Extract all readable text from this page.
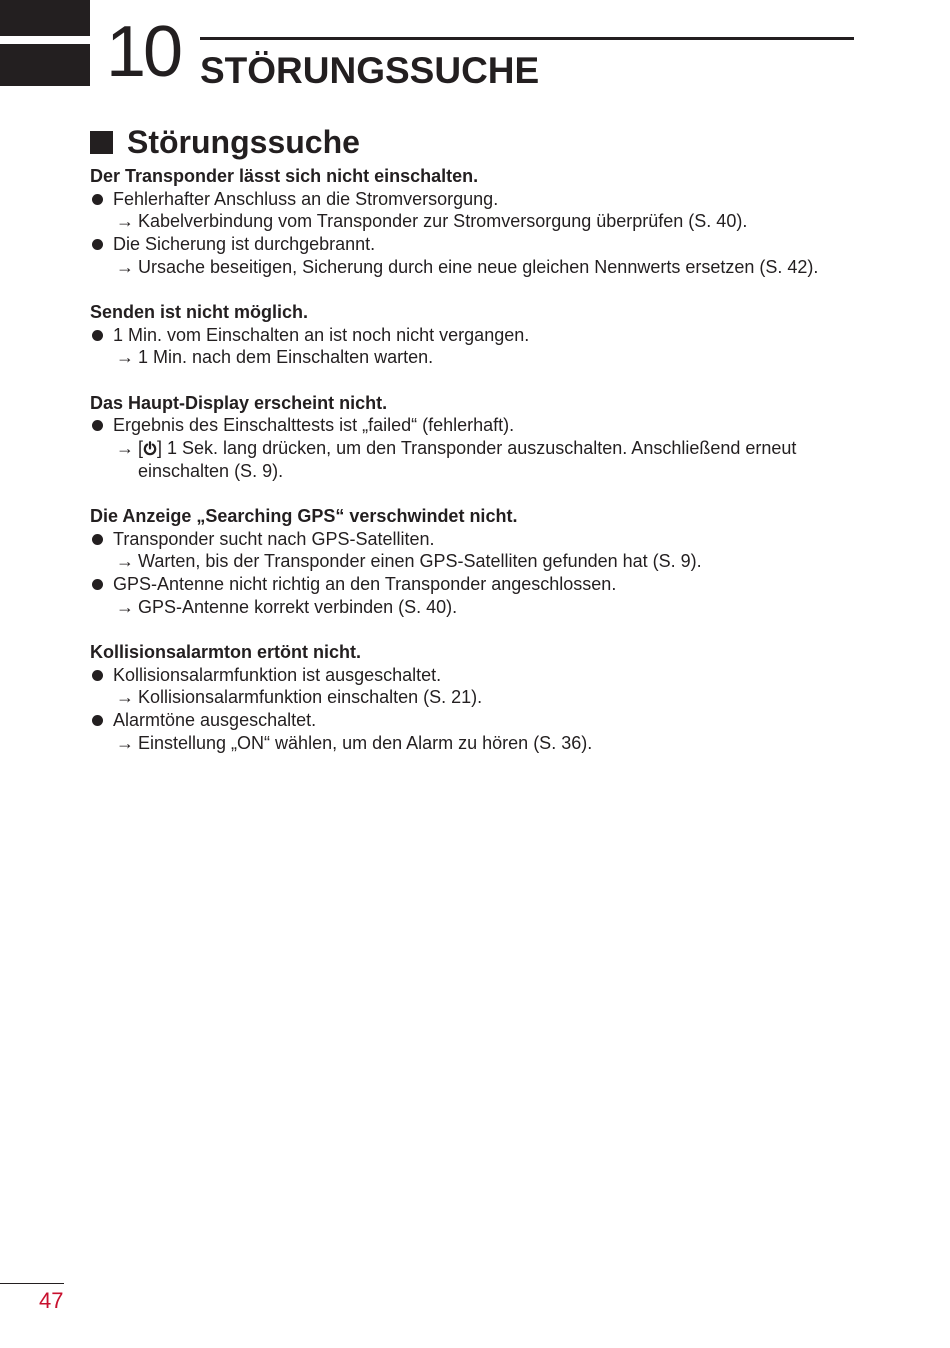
10 STÖRUNGSSUCHE
Störungssuche
Der Transponder lässt sich nicht einschalten.
Fehlerhafter Anschluss an die Stromversorgung.
→ Kabelverbindung vom Transponder zur Stromversorgung überprüfen (S. 40).
Die Sicherung ist durchgebrannt.
→ Ursache beseitigen, Sicherung durch eine neue gleichen Nennwerts ersetzen (S. 42).
Senden ist nicht möglich.
1 Min. vom Einschalten an ist noch nicht vergangen.
→ 1 Min. nach dem Einschalten warten.
Das Haupt-Display erscheint nicht.
Ergebnis des Einschalttests ist „failed“ (fehlerhaft).
→ [ ] 1 Sek. lang drücken, um den Transponder auszuschalten. Anschließend erneut einschalten (S. 9).
Die Anzeige „Searching GPS“ verschwindet nicht.
Transponder sucht nach GPS-Satelliten.
→ Warten, bis der Transponder einen GPS-Satelliten gefunden hat (S. 9).
GPS-Antenne nicht richtig an den Transponder angeschlossen.
→ GPS-Antenne korrekt verbinden (S. 40).
Kollisionsalarmton ertönt nicht.
Kollisionsalarmfunktion ist ausgeschaltet.
→ Kollisionsalarmfunktion einschalten (S. 21).
Alarmtöne ausgeschaltet.
→ Einstellung „ON“ wählen, um den Alarm zu hören (S. 36).
47
